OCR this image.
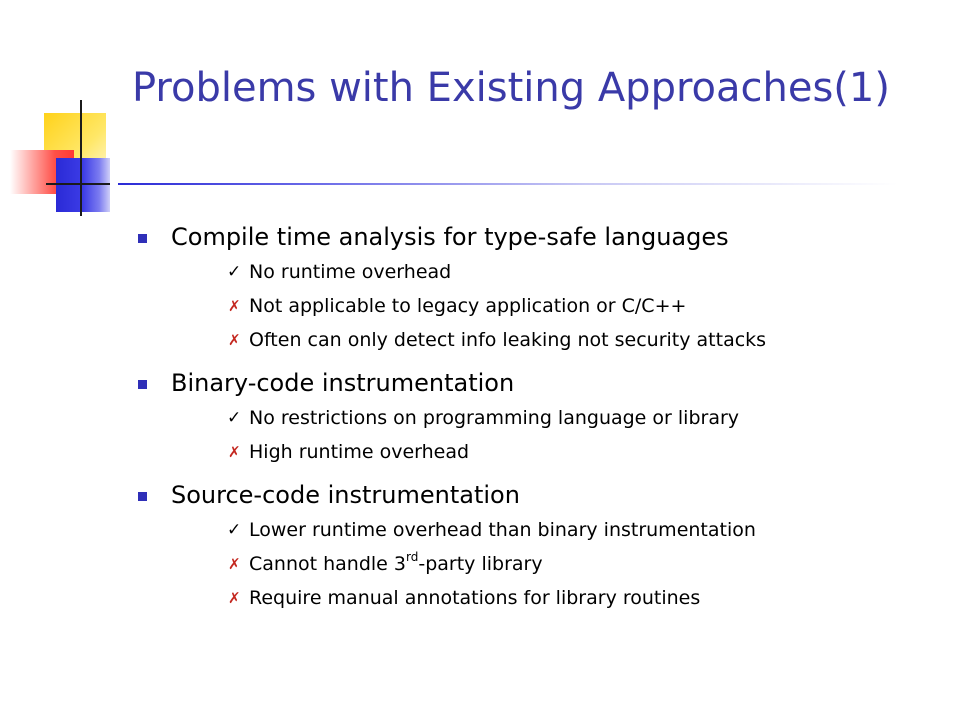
Problems with Existing Approaches(1)
Compile time analysis for type-safe languages
✓ No runtime overhead
✗ Not applicable to legacy application or C/C++
✗ Often can only detect info leaking not security attacks
Binary-code instrumentation
✓ No restrictions on programming language or library
✗ High runtime overhead
Source-code instrumentation
✓ Lower runtime overhead than binary instrumentation
✗ Cannot handle 3rd-party library
✗ Require manual annotations for library routines
